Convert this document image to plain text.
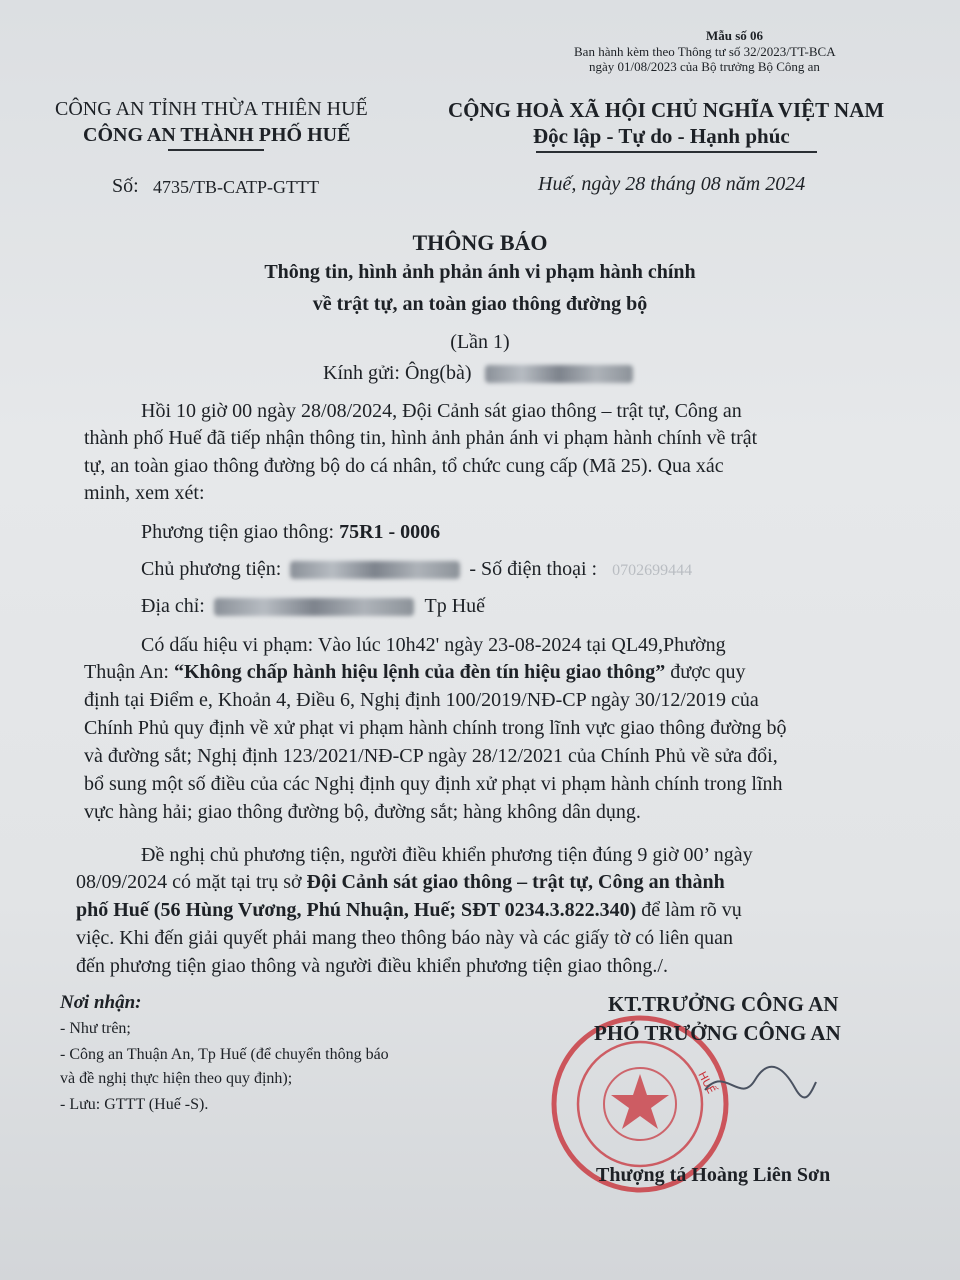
Mẫu số 06
Ban hành kèm theo Thông tư số 32/2023/TT-BCA
ngày 01/08/2023 của Bộ trưởng Bộ Công an
CÔNG AN TỈNH THỪA THIÊN HUẾ
CÔNG AN THÀNH PHỐ HUẾ
CỘNG HOÀ XÃ HỘI CHỦ NGHĨA VIỆT NAM
Độc lập - Tự do - Hạnh phúc
Số: 4735/TB-CATP-GTTT	Huế, ngày 28 tháng 08 năm 2024
THÔNG BÁO
Thông tin, hình ảnh phản ánh vi phạm hành chính
về trật tự, an toàn giao thông đường bộ
(Lần 1)
Kính gửi: Ông(bà)
Hồi 10 giờ 00 ngày 28/08/2024, Đội Cảnh sát giao thông – trật tự, Công an
thành phố Huế đã tiếp nhận thông tin, hình ảnh phản ánh vi phạm hành chính về trật
tự, an toàn giao thông đường bộ do cá nhân, tổ chức cung cấp (Mã 25). Qua xác
minh, xem xét:
Phương tiện giao thông: 75R1 - 0006
Chủ phương tiện:	- Số điện thoại : 0702699444
Địa chỉ:	Tp Huế
Có dấu hiệu vi phạm: Vào lúc 10h42' ngày 23-08-2024 tại QL49,Phường
Thuận An: “Không chấp hành hiệu lệnh của đèn tín hiệu giao thông” được quy
định tại Điểm e, Khoản 4, Điều 6, Nghị định 100/2019/NĐ-CP ngày 30/12/2019 của
Chính Phủ quy định về xử phạt vi phạm hành chính trong lĩnh vực giao thông đường bộ
và đường sắt; Nghị định 123/2021/NĐ-CP ngày 28/12/2021 của Chính Phủ về sửa đổi,
bổ sung một số điều của các Nghị định quy định xử phạt vi phạm hành chính trong lĩnh
vực hàng hải; giao thông đường bộ, đường sắt; hàng không dân dụng.
Đề nghị chủ phương tiện, người điều khiển phương tiện đúng 9 giờ 00’ ngày
08/09/2024 có mặt tại trụ sở Đội Cảnh sát giao thông – trật tự, Công an thành
phố Huế (56 Hùng Vương, Phú Nhuận, Huế; SĐT 0234.3.822.340) để làm rõ vụ
việc. Khi đến giải quyết phải mang theo thông báo này và các giấy tờ có liên quan
đến phương tiện giao thông và người điều khiển phương tiện giao thông./.
Nơi nhận:
- Như trên;
- Công an Thuận An, Tp Huế (để chuyển thông báo
và đề nghị thực hiện theo quy định);
- Lưu: GTTT (Huế -S).
HUẾ
KT.TRƯỞNG CÔNG AN
PHÓ TRƯỞNG CÔNG AN
Thượng tá Hoàng Liên Sơn
